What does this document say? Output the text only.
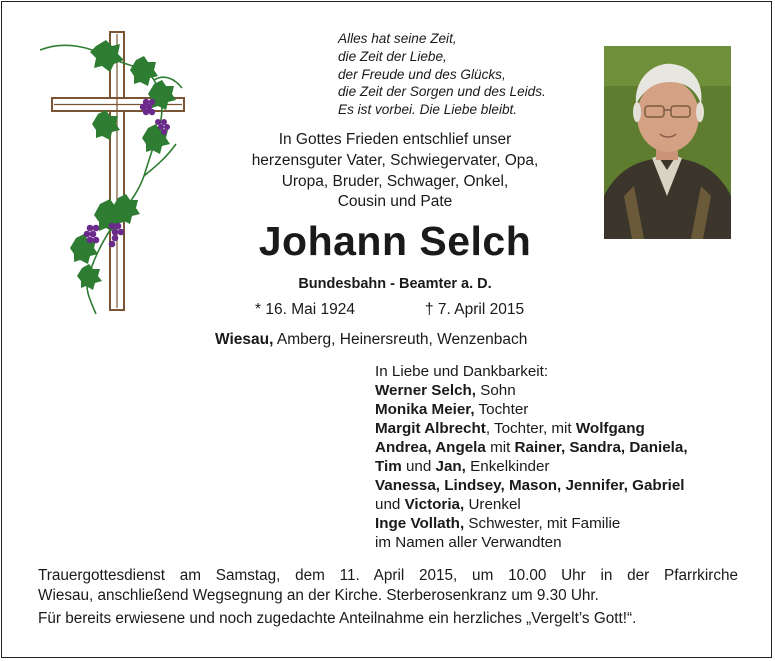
Alles hat seine Zeit,
die Zeit der Liebe,
der Freude und des Glücks,
die Zeit der Sorgen und des Leids.
Es ist vorbei. Die Liebe bleibt.
In Gottes Frieden entschlief unser
herzensguter Vater, Schwiegervater, Opa,
Uropa, Bruder, Schwager, Onkel,
Cousin und Pate
Johann Selch
Bundesbahn - Beamter a. D.
* 16. Mai 1924	† 7. April 2015
Wiesau, Amberg, Heinersreuth, Wenzenbach
In Liebe und Dankbarkeit:
Werner Selch, Sohn
Monika Meier, Tochter
Margit Albrecht, Tochter, mit Wolfgang
Andrea, Angela mit Rainer, Sandra, Daniela,
Tim und Jan, Enkelkinder
Vanessa, Lindsey, Mason, Jennifer, Gabriel
und Victoria, Urenkel
Inge Vollath, Schwester, mit Familie
im Namen aller Verwandten
Trauergottesdienst am Samstag, dem 11. April 2015, um 10.00 Uhr in der Pfarrkirche
Wiesau, anschließend Wegsegnung an der Kirche. Sterberosenkranz um 9.30 Uhr.
Für bereits erwiesene und noch zugedachte Anteilnahme ein herzliches „Vergelt’s Gott!“.
